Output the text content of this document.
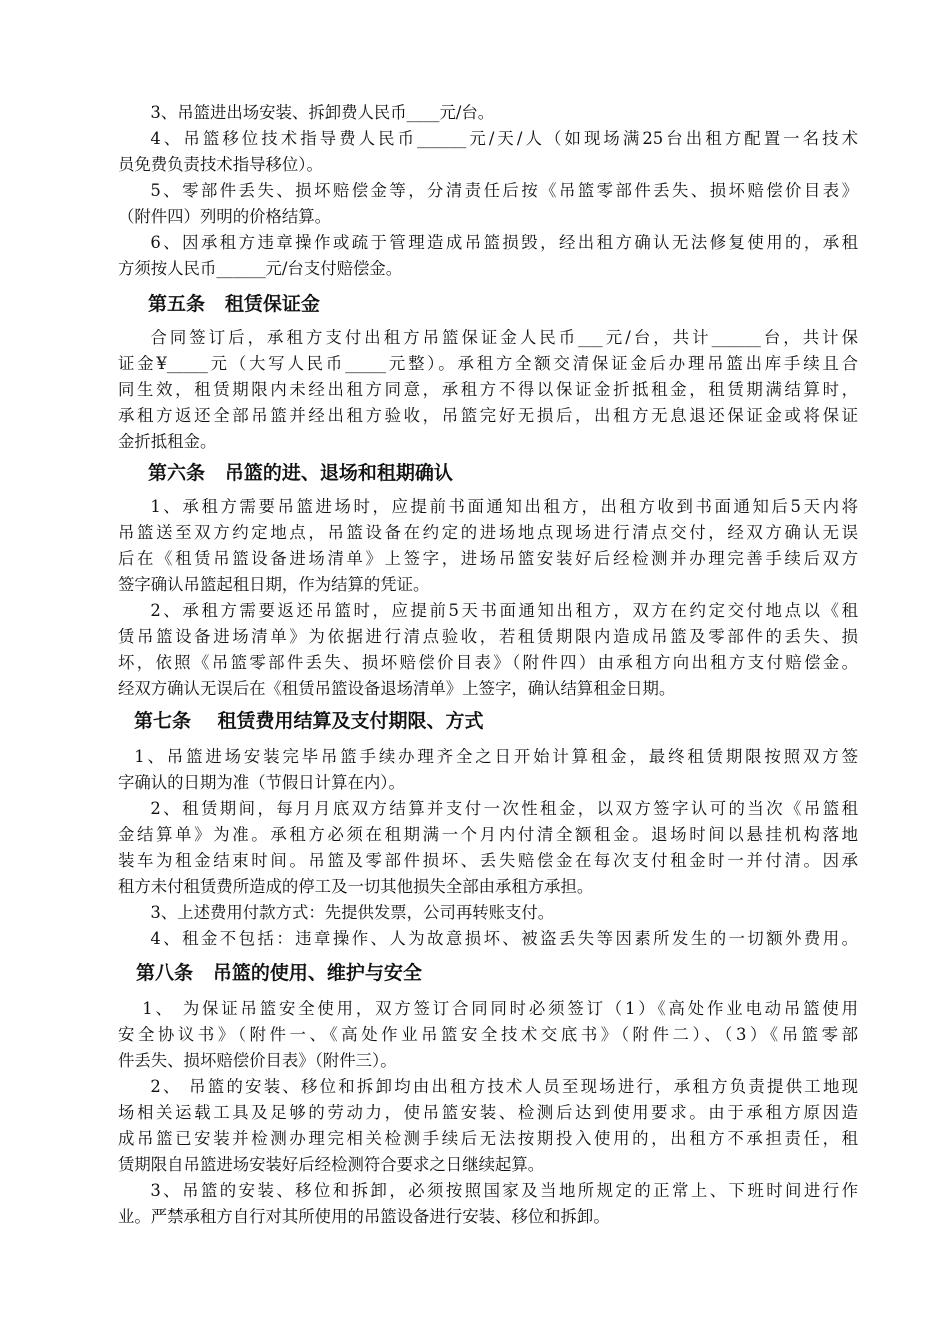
3、吊篮进出场安装、拆卸费人民币____元/台。
4、吊篮移位技术指导费人民币______元/天/人（如现场满25台出租方配置一名技术
员免费负责技术指导移位）。
5、零部件丢失、损坏赔偿金等，分清责任后按《吊篮零部件丢失、损坏赔偿价目表》
（附件四）列明的价格结算。
6、因承租方违章操作或疏于管理造成吊篮损毁，经出租方确认无法修复使用的，承租
方须按人民币______元/台支付赔偿金。
第五条   租赁保证金
合同签订后，承租方支付出租方吊篮保证金人民币___元/台，共计______台，共计保
证金¥_____元（大写人民币_____元整）。承租方全额交清保证金后办理吊篮出库手续且合
同生效，租赁期限内未经出租方同意，承租方不得以保证金折抵租金，租赁期满结算时，
承租方返还全部吊篮并经出租方验收，吊篮完好无损后，出租方无息退还保证金或将保证
金折抵租金。
第六条   吊篮的进、退场和租期确认
1、承租方需要吊篮进场时，应提前书面通知出租方，出租方收到书面通知后5天内将
吊篮送至双方约定地点，吊篮设备在约定的进场地点现场进行清点交付，经双方确认无误
后在《租赁吊篮设备进场清单》上签字，进场吊篮安装好后经检测并办理完善手续后双方
签字确认吊篮起租日期，作为结算的凭证。
2、承租方需要返还吊篮时，应提前5天书面通知出租方，双方在约定交付地点以《租
赁吊篮设备进场清单》为依据进行清点验收，若租赁期限内造成吊篮及零部件的丢失、损
坏，依照《吊篮零部件丢失、损坏赔偿价目表》（附件四）由承租方向出租方支付赔偿金。
经双方确认无误后在《租赁吊篮设备退场清单》上签字，确认结算租金日期。
第七条    租赁费用结算及支付期限、方式
1、吊篮进场安装完毕吊篮手续办理齐全之日开始计算租金，最终租赁期限按照双方签
字确认的日期为准（节假日计算在内）。
2、租赁期间，每月月底双方结算并支付一次性租金，以双方签字认可的当次《吊篮租
金结算单》为准。承租方必须在租期满一个月内付清全额租金。退场时间以悬挂机构落地
装车为租金结束时间。吊篮及零部件损坏、丢失赔偿金在每次支付租金时一并付清。因承
租方未付租赁费所造成的停工及一切其他损失全部由承租方承担。
3、上述费用付款方式：先提供发票，公司再转账支付。
4、租金不包括：违章操作、人为故意损坏、被盗丢失等因素所发生的一切额外费用。
第八条   吊篮的使用、维护与安全
1、 为保证吊篮安全使用，双方签订合同同时必须签订（1）《高处作业电动吊篮使用
安全协议书》（附件一、《高处作业吊篮安全技术交底书》（附件二）、（3）《吊篮零部
件丢失、损坏赔偿价目表》（附件三）。
2、 吊篮的安装、移位和拆卸均由出租方技术人员至现场进行，承租方负责提供工地现
场相关运载工具及足够的劳动力，使吊篮安装、检测后达到使用要求。由于承租方原因造
成吊篮已安装并检测办理完相关检测手续后无法按期投入使用的，出租方不承担责任，租
赁期限自吊篮进场安装好后经检测符合要求之日继续起算。
3、吊篮的安装、移位和拆卸，必须按照国家及当地所规定的正常上、下班时间进行作
业。严禁承租方自行对其所使用的吊篮设备进行安装、移位和拆卸。
